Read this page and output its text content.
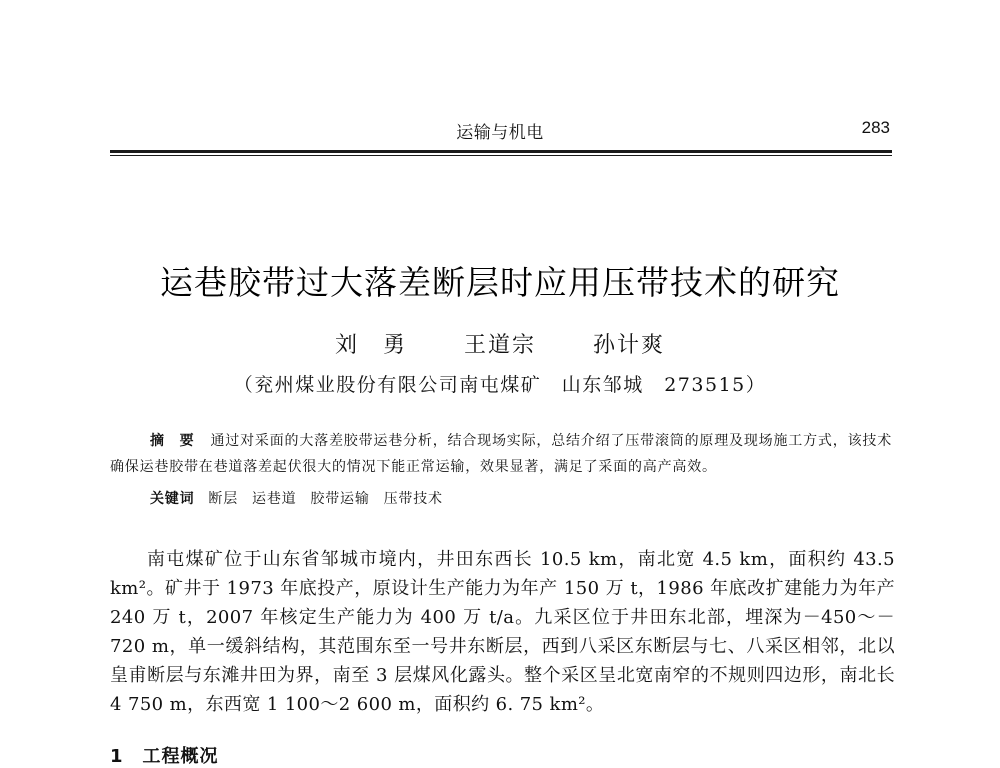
运输与机电	283
运巷胶带过大落差断层时应用压带技术的研究
刘　勇	王道宗	孙计爽
（兖州煤业股份有限公司南屯煤矿　山东邹城　273515）
摘　要 通过对采面的大落差胶带运巷分析，结合现场实际，总结介绍了压带滚筒的原理及现场施工方式，该技术确保运巷胶带在巷道落差起伏很大的情况下能正常运输，效果显著，满足了采面的高产高效。
关键词 断层 运巷道 胶带运输 压带技术
南屯煤矿位于山东省邹城市境内，井田东西长 10.5 km，南北宽 4.5 km，面积约 43.5 km²。矿井于 1973 年底投产，原设计生产能力为年产 150 万 t，1986 年底改扩建能力为年产 240 万 t，2007 年核定生产能力为 400 万 t/a。九采区位于井田东北部，埋深为－450～－720 m，单一缓斜结构，其范围东至一号井东断层，西到八采区东断层与七、八采区相邻，北以皇甫断层与东滩井田为界，南至 3 层煤风化露头。整个采区呈北宽南窄的不规则四边形，南北长 4 750 m，东西宽 1 100～2 600 m，面积约 6. 75 km²。
1　工程概况
